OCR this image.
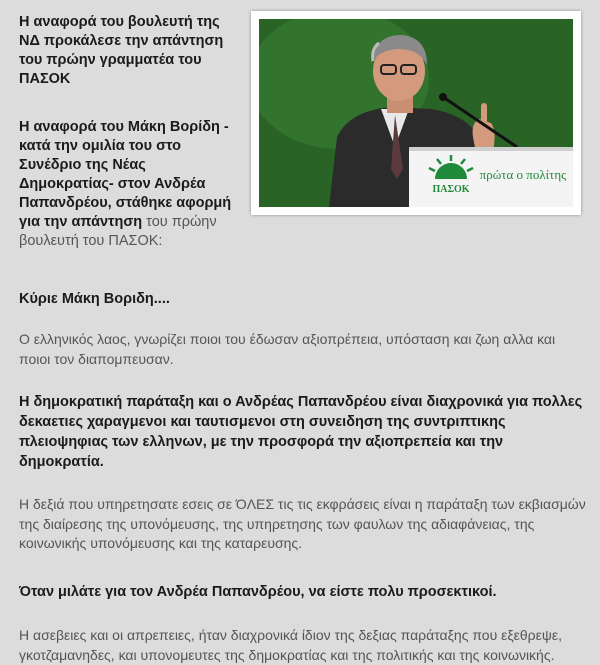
ΠΑΣΟΚ
πρώτα ο πολίτης

Η αναφορά του βουλευτή της ΝΔ προκάλεσε την απάντηση του πρώην γραμματέα του ΠΑΣΟΚ

Η αναφορά του Μάκη Βορίδη - κατά την ομιλία του στο Συνέδριο της Νέας Δημοκρατίας- στον Ανδρέα Παπανδρέου, στάθηκε αφορμή για την απάντηση του πρώην βουλευτή του ΠΑΣΟΚ:

Κύριε Μάκη Βοριδη....

Ο ελληνικός λαος, γνωρίζει ποιοι του έδωσαν αξιοπρέπεια, υπόσταση και ζωη αλλα και ποιοι τον διαπομπευσαν.

Η δημοκρατική παράταξη και ο Ανδρέας Παπανδρέου είναι διαχρονικά για πολλες δεκαετιες χαραγμενοι και ταυτισμενοι στη συνειδηση της συντριπτικης πλειοψηφιας των ελληνων, με την προσφορά την αξιοπρεπεία και την δημοκρατία.

Η δεξιά που υπηρετησατε εσεις σε ΌΛΕΣ τις τις εκφράσεις είναι η παράταξη των εκβιασμών της διαίρεσης της υπονόμευσης, της υπηρετησης των φαυλων της αδιαφάνειας, της κοινωνικής υπονόμευσης και της καταρευσης.

Όταν μιλάτε για τον Ανδρέα Παπανδρέου, να είστε πολυ προσεκτικοί.

Η ασεβειες και οι απρεπειες, ήταν διαχρονικά ίδιον της δεξιας παράταξης που εξεθρεψε, γκοτζαμανηδες, και υπονομευτες της δημοκρατίας και της πολιτικής και της κοινωνικής.
